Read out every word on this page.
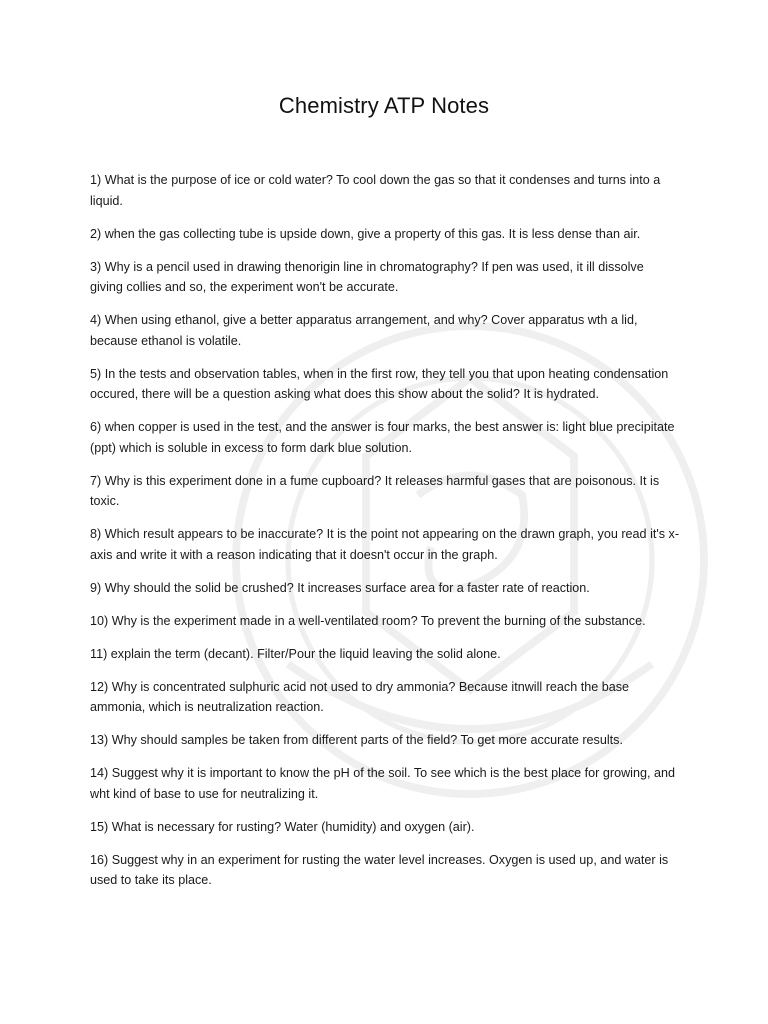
Chemistry ATP Notes
1) What is the purpose of ice or cold water? To cool down the gas so that it condenses and turns into a liquid.
2) when the gas collecting tube is upside down, give a property of this gas. It is less dense than air.
3) Why is a pencil used in drawing thenorigin line in chromatography? If pen was used, it ill dissolve giving collies and so, the experiment won't be accurate.
4) When using ethanol, give a better apparatus arrangement, and why? Cover apparatus wth a lid, because ethanol is volatile.
5) In the tests and observation tables, when in the first row, they tell you that upon heating condensation occured, there will be a question asking what does this show about the solid? It is hydrated.
6) when copper is used in the test, and the answer is four marks, the best answer is: light blue precipitate (ppt) which is soluble in excess to form dark blue solution.
7) Why is this experiment done in a fume cupboard? It releases harmful gases that are poisonous. It is toxic.
8) Which result appears to be inaccurate? It is the point not appearing on the drawn graph, you read it's x-axis and write it with a reason indicating that it doesn't occur in the graph.
9) Why should the solid be crushed? It increases surface area for a faster rate of reaction.
10) Why is the experiment made in a well-ventilated room? To prevent the burning of the substance.
11) explain the term (decant). Filter/Pour the liquid leaving the solid alone.
12) Why is concentrated sulphuric acid not used to dry ammonia? Because itnwill reach the base ammonia, which is neutralization reaction.
13) Why should samples be taken from different parts of the field? To get more accurate results.
14) Suggest why it is important to know the pH of the soil. To see which is the best place for growing, and wht kind of base to use for neutralizing it.
15) What is necessary for rusting? Water (humidity) and oxygen (air).
16) Suggest why in an experiment for rusting the water level increases. Oxygen is used up, and water is used to take its place.
